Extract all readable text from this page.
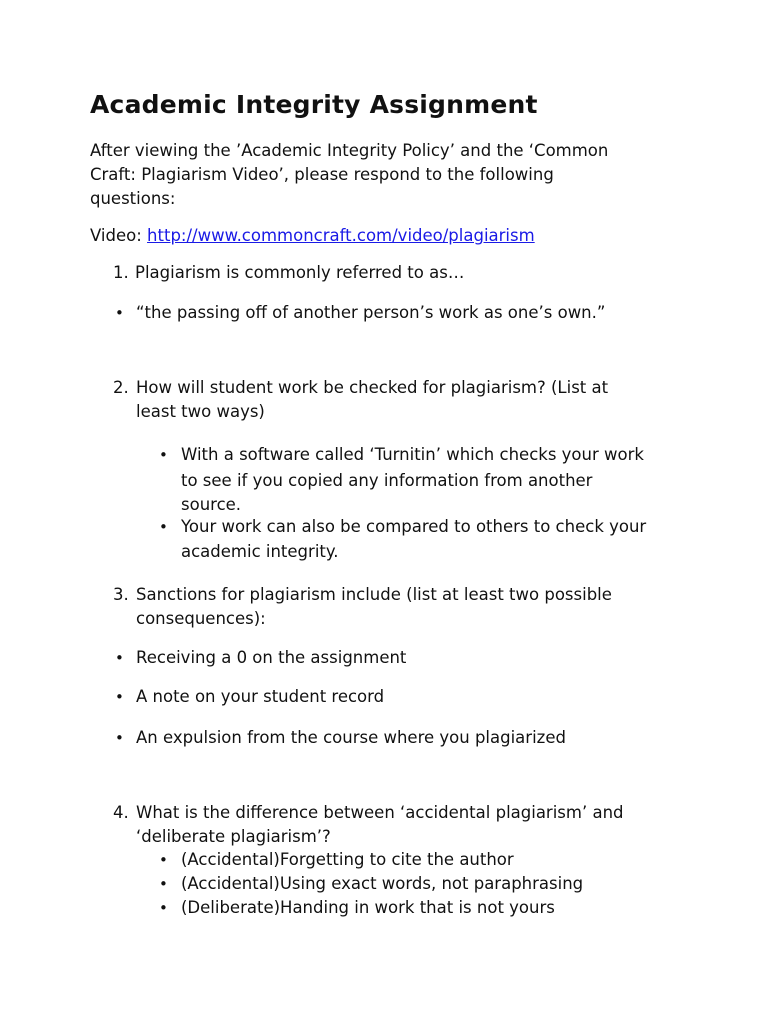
Academic Integrity Assignment
After viewing the ’Academic Integrity Policy’ and the ‘Common
Craft: Plagiarism Video’, please respond to the following
questions:
Video: http://www.commoncraft.com/video/plagiarism
1. Plagiarism is commonly referred to as…
• “the passing off of another person’s work as one’s own.”
2. How will student work be checked for plagiarism? (List at
least two ways)
• With a software called ‘Turnitin’ which checks your work
to see if you copied any information from another
source.
• Your work can also be compared to others to check your
academic integrity.
3. Sanctions for plagiarism include (list at least two possible
consequences):
• Receiving a 0 on the assignment
• A note on your student record
• An expulsion from the course where you plagiarized
4. What is the difference between ‘accidental plagiarism’ and
‘deliberate plagiarism’?
• (Accidental)Forgetting to cite the author
• (Accidental)Using exact words, not paraphrasing
• (Deliberate)Handing in work that is not yours
